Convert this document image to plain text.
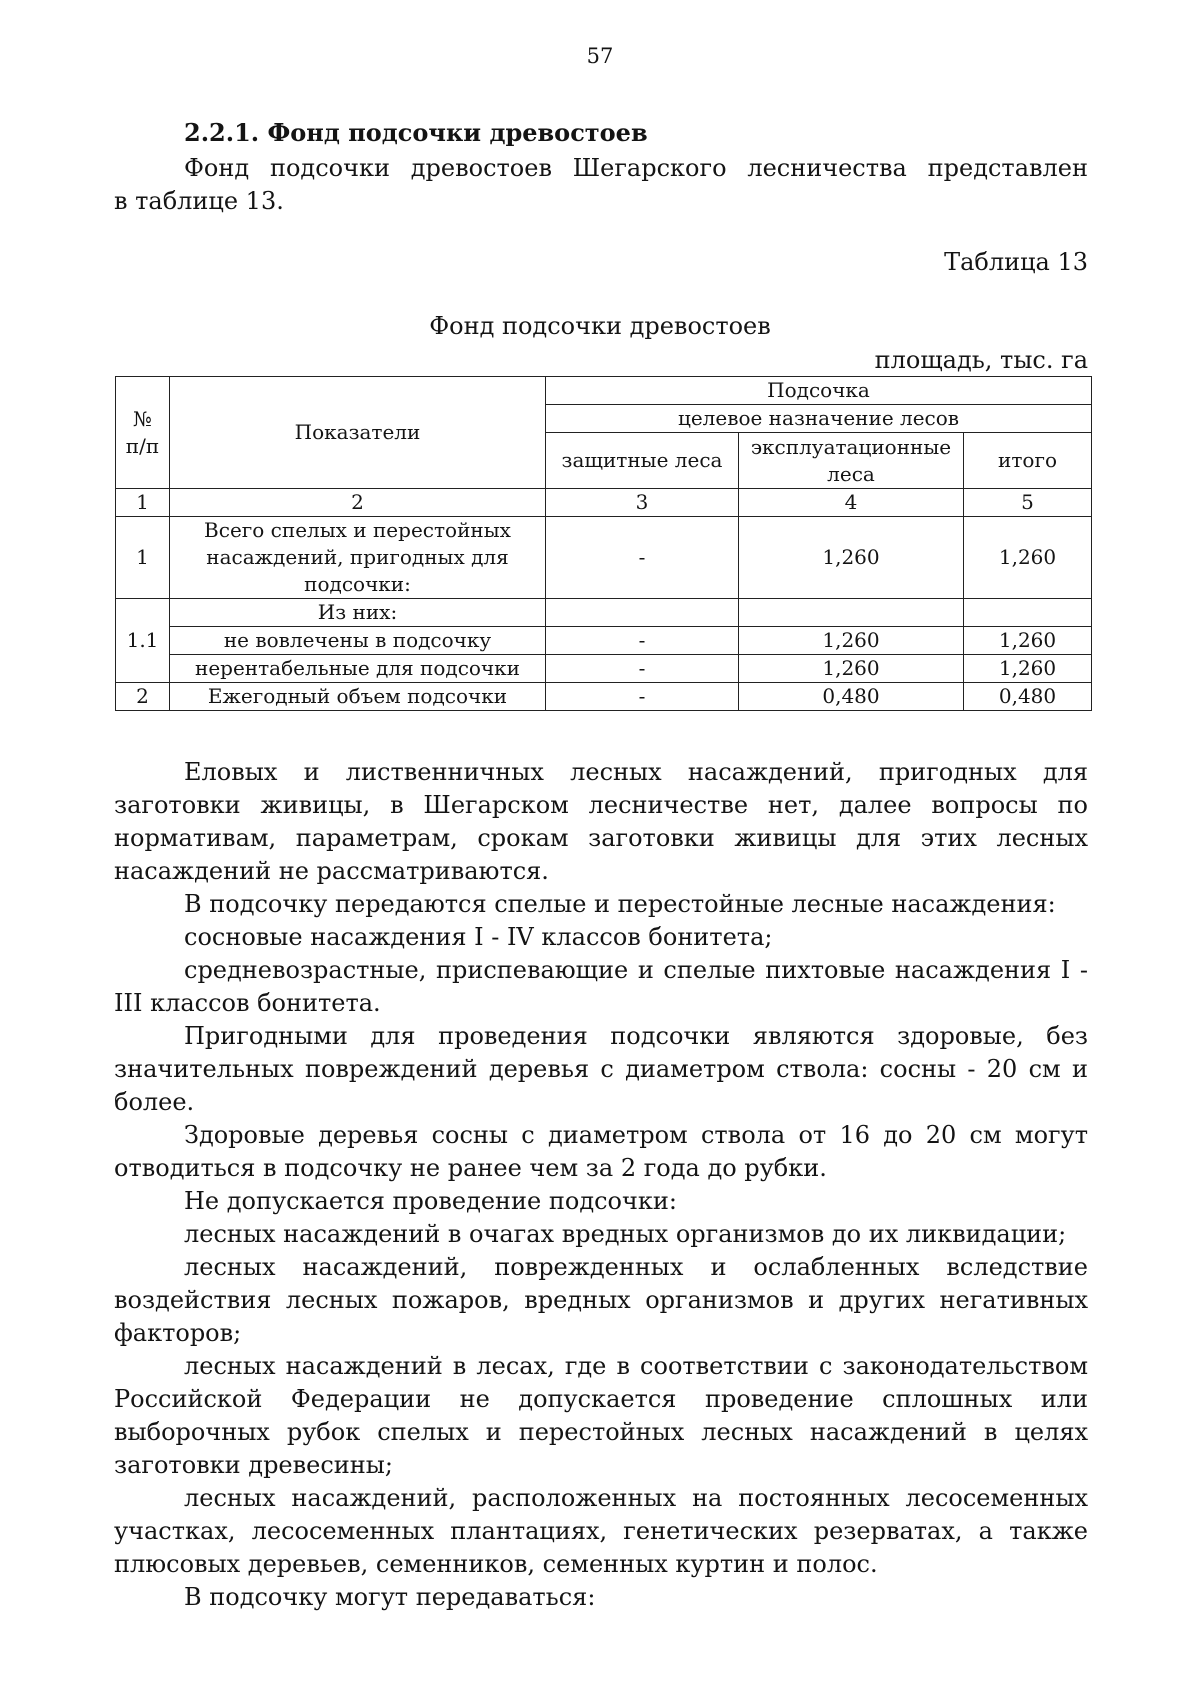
57
2.2.1. Фонд подсочки древостоев
Фонд подсочки древостоев Шегарского лесничества представлен
в таблице 13.

Таблица 13

Фонд подсочки древостоев

площадь, тыс. га

№ п/п	Показатели	Подсочка		
		целевое назначение лесов		
		защитные леса	эксплуатационные леса	итого
1	2	3	4	5
1	Всего спелых и перестойных насаждений, пригодных для подсочки:	-	1,260	1,260
1.1	Из них:			
	не вовлечены в подсочку	-	1,260	1,260
	нерентабельные для подсочки	-	1,260	1,260
2	Ежегодный объем подсочки	-	0,480	0,480

Еловых и лиственничных лесных насаждений, пригодных для заготовки живицы, в Шегарском лесничестве нет, далее вопросы по нормативам, параметрам, срокам заготовки живицы для этих лесных насаждений не рассматриваются.

В подсочку передаются спелые и перестойные лесные насаждения:

сосновые насаждения I - IV классов бонитета;

средневозрастные, приспевающие и спелые пихтовые насаждения I - III классов бонитета.

Пригодными для проведения подсочки являются здоровые, без значительных повреждений деревья с диаметром ствола: сосны - 20 см и более.

Здоровые деревья сосны с диаметром ствола от 16 до 20 см могут отводиться в подсочку не ранее чем за 2 года до рубки.

Не допускается проведение подсочки:

лесных насаждений в очагах вредных организмов до их ликвидации;

лесных насаждений, поврежденных и ослабленных вследствие воздействия лесных пожаров, вредных организмов и других негативных факторов;

лесных насаждений в лесах, где в соответствии с законодательством Российской Федерации не допускается проведение сплошных или выборочных рубок спелых и перестойных лесных насаждений в целях заготовки древесины;

лесных насаждений, расположенных на постоянных лесосеменных участках, лесосеменных плантациях, генетических резерватах, а также плюсовых деревьев, семенников, семенных куртин и полос.

В подсочку могут передаваться:
